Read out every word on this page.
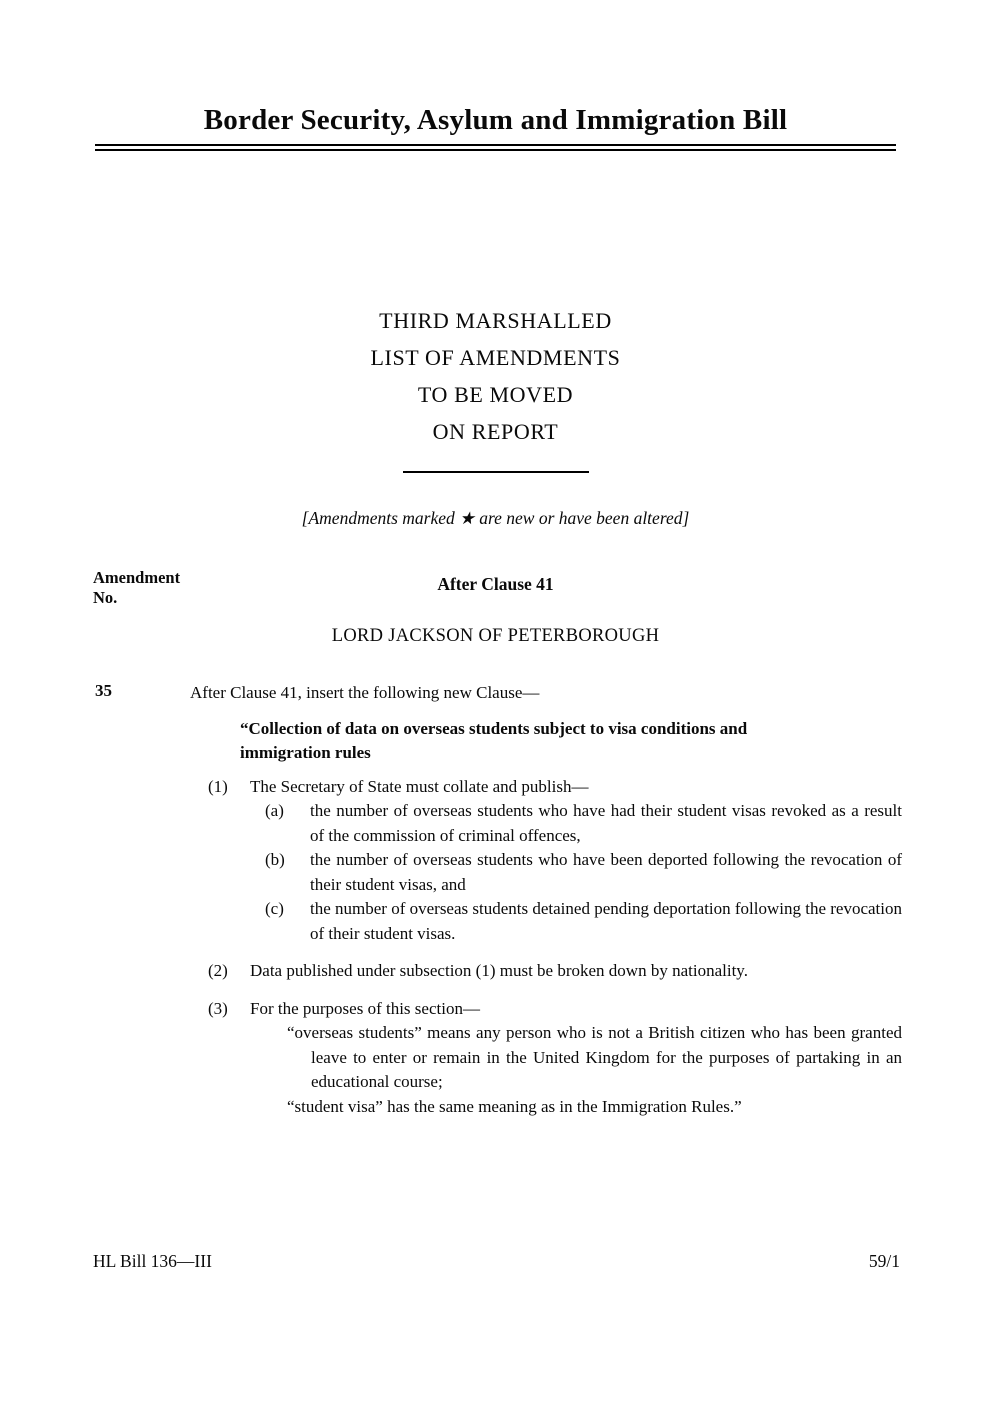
Border Security, Asylum and Immigration Bill
THIRD MARSHALLED
LIST OF AMENDMENTS
TO BE MOVED
ON REPORT
[Amendments marked ★ are new or have been altered]
Amendment
No.
After Clause 41
LORD JACKSON OF PETERBOROUGH
35	After Clause 41, insert the following new Clause—
“Collection of data on overseas students subject to visa conditions and immigration rules
(1) The Secretary of State must collate and publish—
(a) the number of overseas students who have had their student visas revoked as a result of the commission of criminal offences,
(b) the number of overseas students who have been deported following the revocation of their student visas, and
(c) the number of overseas students detained pending deportation following the revocation of their student visas.
(2) Data published under subsection (1) must be broken down by nationality.
(3) For the purposes of this section—
“overseas students” means any person who is not a British citizen who has been granted leave to enter or remain in the United Kingdom for the purposes of partaking in an educational course;
“student visa” has the same meaning as in the Immigration Rules.”
HL Bill 136—III	59/1
